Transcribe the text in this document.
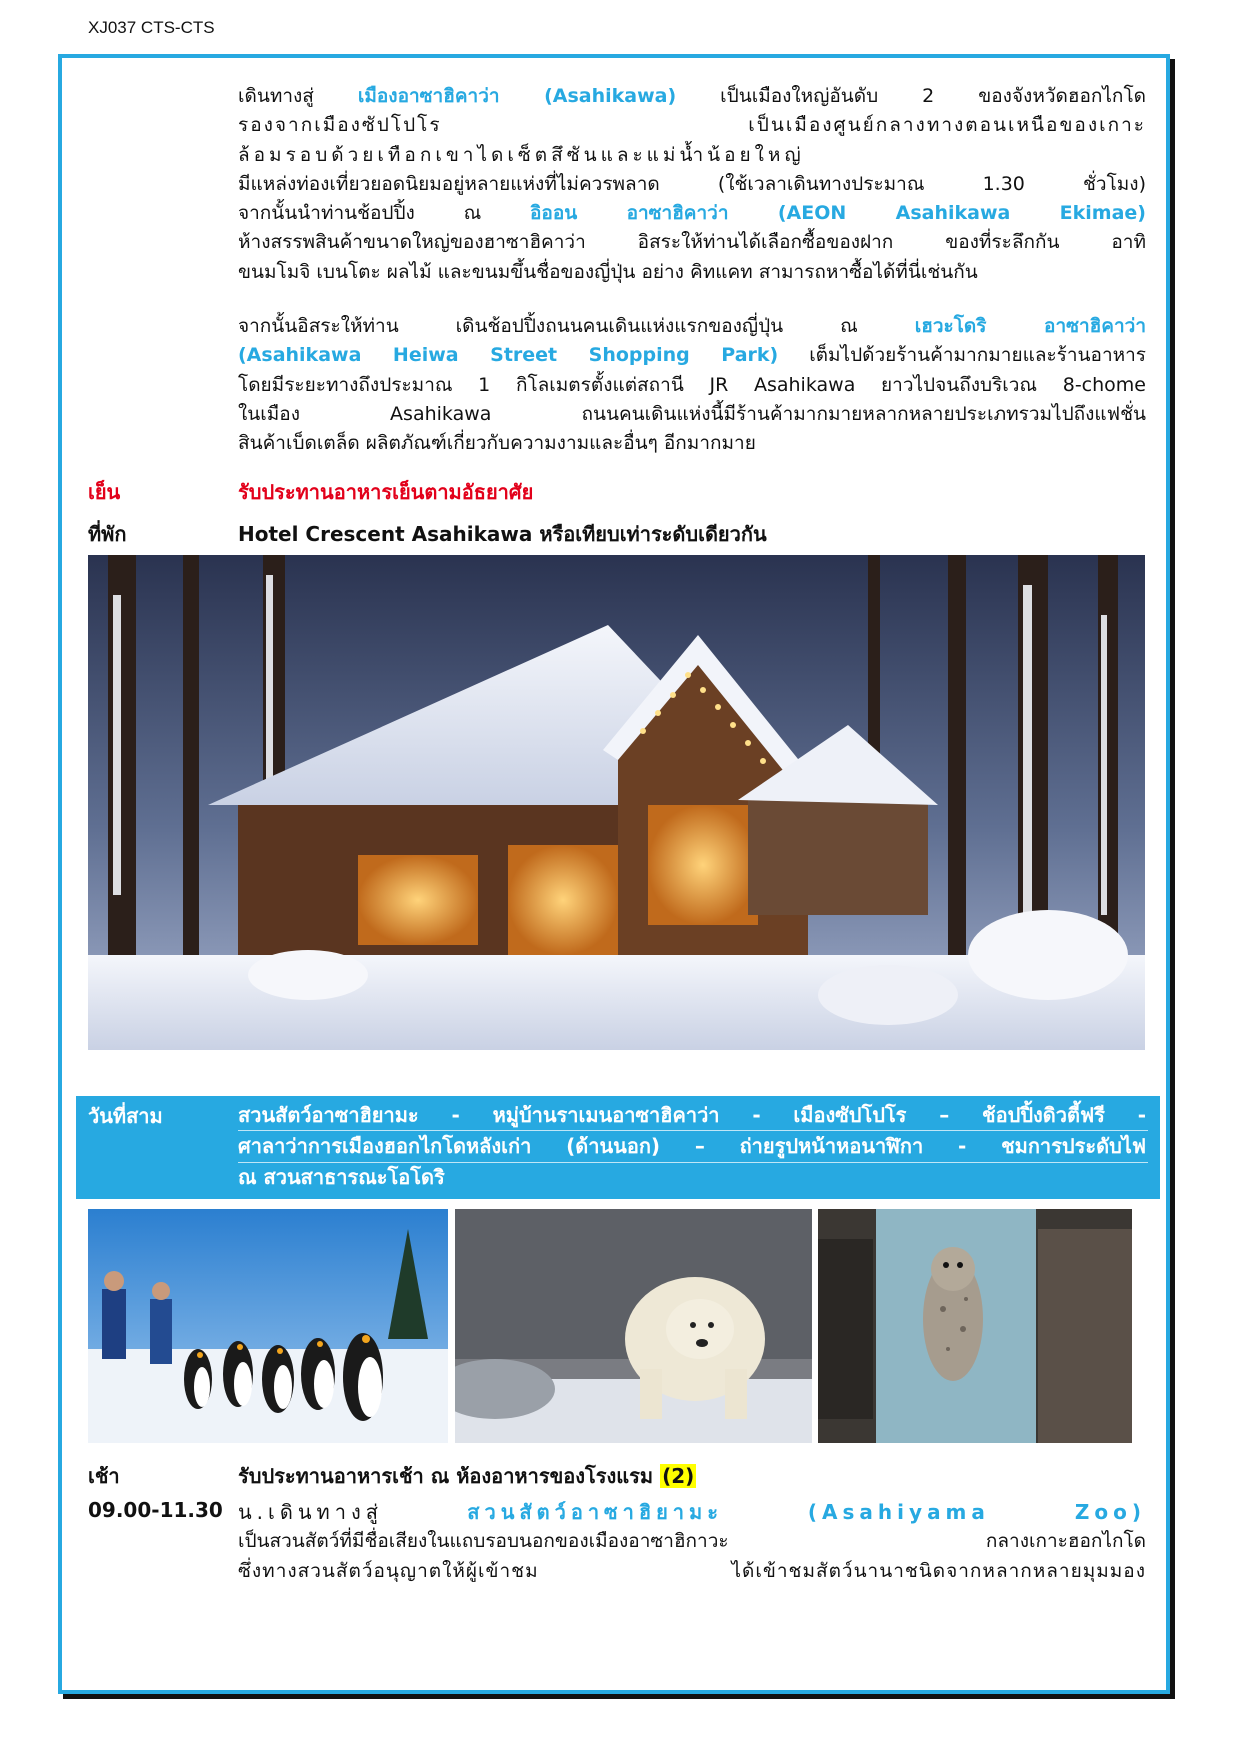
XJ037 CTS-CTS
เดินทางสู่ เมืองอาซาฮิคาว่า (Asahikawa) เป็นเมืองใหญ่อันดับ 2 ของจังหวัดฮอกไกโด
รองจากเมืองซัปโปโร เป็นเมืองศูนย์กลางทางตอนเหนือของเกาะ
ล้อมรอบด้วยเทือกเขาไดเซ็ตสึซันและแม่น้ำน้อยใหญ่
มีแหล่งท่องเที่ยวยอดนิยมอยู่หลายแห่งที่ไม่ควรพลาด (ใช้เวลาเดินทางประมาณ 1.30 ชั่วโมง)
จากนั้นนำท่านช้อปปิ้ง ณ อิออน อาซาฮิคาว่า (AEON Asahikawa Ekimae)
ห้างสรรพสินค้าขนาดใหญ่ของฮาซาฮิคาว่า อิสระให้ท่านได้เลือกซื้อของฝาก ของที่ระลึกกัน อาทิ
ขนมโมจิ เบนโตะ ผลไม้ และขนมขึ้นชื่อของญี่ปุ่น อย่าง คิทแคท สามารถหาซื้อได้ที่นี่เช่นกัน
จากนั้นอิสระให้ท่าน เดินช้อปปิ้งถนนคนเดินแห่งแรกของญี่ปุ่น ณ เฮวะโดริ อาซาฮิคาว่า
(Asahikawa Heiwa Street Shopping Park) เต็มไปด้วยร้านค้ามากมายและร้านอาหาร
โดยมีระยะทางถึงประมาณ 1 กิโลเมตรตั้งแต่สถานี JR Asahikawa ยาวไปจนถึงบริเวณ 8-chome
ในเมือง Asahikawa ถนนคนเดินแห่งนี้มีร้านค้ามากมายหลากหลายประเภทรวมไปถึงแฟชั่น
สินค้าเบ็ดเตล็ด ผลิตภัณฑ์เกี่ยวกับความงามและอื่นๆ อีกมากมาย
เย็น	รับประทานอาหารเย็นตามอัธยาศัย
ที่พัก	Hotel Crescent Asahikawa หรือเทียบเท่าระดับเดียวกัน
วันที่สาม	สวนสัตว์อาซาฮิยามะ - หมู่บ้านราเมนอาซาฮิคาว่า - เมืองซัปโปโร – ช้อปปิ้งดิวตี้ฟรี -
ศาลาว่าการเมืองฮอกไกโดหลังเก่า (ด้านนอก) – ถ่ายรูปหน้าหอนาฬิกา - ชมการประดับไฟ
ณ สวนสาธารณะโอโดริ
เช้า	รับประทานอาหารเช้า ณ ห้องอาหารของโรงแรม (2)
09.00-11.30 น.เดินทางสู่ สวนสัตว์อาซาฮิยามะ (Asahiyama Zoo)
เป็นสวนสัตว์ที่มีชื่อเสียงในแถบรอบนอกของเมืองอาซาฮิกาวะ กลางเกาะฮอกไกโด
ซึ่งทางสวนสัตว์อนุญาตให้ผู้เข้าชม ได้เข้าชมสัตว์นานาชนิดจากหลากหลายมุมมอง
